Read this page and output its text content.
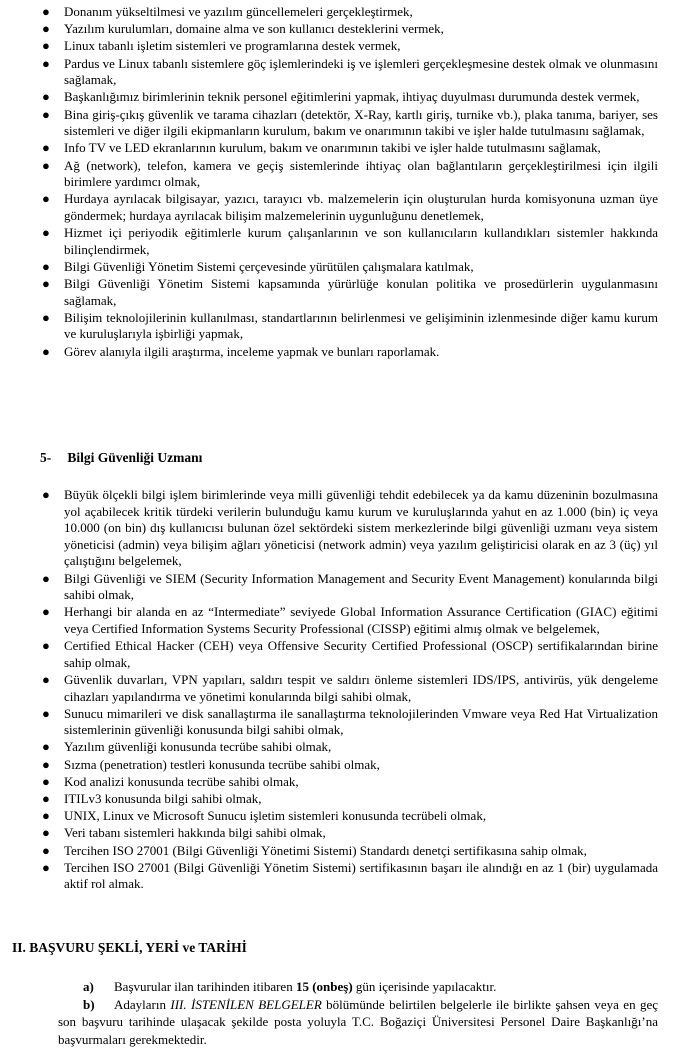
● Donanım yükseltilmesi ve yazılım güncellemeleri gerçekleştirmek,
● Yazılım kurulumları, domaine alma ve son kullanıcı desteklerini vermek,
● Linux tabanlı işletim sistemleri ve programlarına destek vermek,
● Pardus ve Linux tabanlı sistemlere göç işlemlerindeki iş ve işlemleri gerçekleşmesine destek olmak ve olunmasını sağlamak,
● Başkanlığımız birimlerinin teknik personel eğitimlerini yapmak, ihtiyaç duyulması durumunda destek vermek,
● Bina giriş-çıkış güvenlik ve tarama cihazları (detektör, X-Ray, kartlı giriş, turnike vb.), plaka tanıma, bariyer, ses sistemleri ve diğer ilgili ekipmanların kurulum, bakım ve onarımının takibi ve işler halde tutulmasını sağlamak,
● Info TV ve LED ekranlarının kurulum, bakım ve onarımının takibi ve işler halde tutulmasını sağlamak,
● Ağ (network), telefon, kamera ve geçiş sistemlerinde ihtiyaç olan bağlantıların gerçekleştirilmesi için ilgili birimlere yardımcı olmak,
● Hurdaya ayrılacak bilgisayar, yazıcı, tarayıcı vb. malzemelerin için oluşturulan hurda komisyonuna uzman üye göndermek; hurdaya ayrılacak bilişim malzemelerinin uygunluğunu denetlemek,
● Hizmet içi periyodik eğitimlerle kurum çalışanlarının ve son kullanıcıların kullandıkları sistemler hakkında bilinçlendirmek,
● Bilgi Güvenliği Yönetim Sistemi çerçevesinde yürütülen çalışmalara katılmak,
● Bilgi Güvenliği Yönetim Sistemi kapsamında yürürlüğe konulan politika ve prosedürlerin uygulanmasını sağlamak,
● Bilişim teknolojilerinin kullanılması, standartlarının belirlenmesi ve gelişiminin izlenmesinde diğer kamu kurum ve kuruluşlarıyla işbirliği yapmak,
● Görev alanıyla ilgili araştırma, inceleme yapmak ve bunları raporlamak.
5- Bilgi Güvenliği Uzmanı
● Büyük ölçekli bilgi işlem birimlerinde veya milli güvenliği tehdit edebilecek ya da kamu düzeninin bozulmasına yol açabilecek kritik türdeki verilerin bulunduğu kamu kurum ve kuruluşlarında yahut en az 1.000 (bin) iç veya 10.000 (on bin) dış kullanıcısı bulunan özel sektördeki sistem merkezlerinde bilgi güvenliği uzmanı veya sistem yöneticisi (admin) veya bilişim ağları yöneticisi (network admin) veya yazılım geliştiricisi olarak en az 3 (üç) yıl çalıştığını belgelemek,
● Bilgi Güvenliği ve SIEM (Security Information Management and Security Event Management) konularında bilgi sahibi olmak,
● Herhangi bir alanda en az “Intermediate” seviyede Global Information Assurance Certification (GIAC) eğitimi veya Certified Information Systems Security Professional (CISSP) eğitimi almış olmak ve belgelemek,
● Certified Ethical Hacker (CEH) veya Offensive Security Certified Professional (OSCP) sertifikalarından birine sahip olmak,
● Güvenlik duvarları, VPN yapıları, saldırı tespit ve saldırı önleme sistemleri IDS/IPS, antivirüs, yük dengeleme cihazları yapılandırma ve yönetimi konularında bilgi sahibi olmak,
● Sunucu mimarileri ve disk sanallaştırma ile sanallaştırma teknolojilerinden Vmware veya Red Hat Virtualization sistemlerinin güvenliği konusunda bilgi sahibi olmak,
● Yazılım güvenliği konusunda tecrübe sahibi olmak,
● Sızma (penetration) testleri konusunda tecrübe sahibi olmak,
● Kod analizi konusunda tecrübe sahibi olmak,
● ITILv3 konusunda bilgi sahibi olmak,
● UNIX, Linux ve Microsoft Sunucu işletim sistemleri konusunda tecrübeli olmak,
● Veri tabanı sistemleri hakkında bilgi sahibi olmak,
● Tercihen ISO 27001 (Bilgi Güvenliği Yönetimi Sistemi) Standardı denetçi sertifikasına sahip olmak,
● Tercihen ISO 27001 (Bilgi Güvenliği Yönetim Sistemi) sertifikasının başarı ile alındığı en az 1 (bir) uygulamada aktif rol almak.
II. BAŞVURU ŞEKLİ, YERİ ve TARİHİ
a)	Başvurular ilan tarihinden itibaren 15 (onbeş) gün içerisinde yapılacaktır.
b)	Adayların III. İSTENİLEN BELGELER bölümünde belirtilen belgelerle ile birlikte şahsen veya en geç son başvuru tarihinde ulaşacak şekilde posta yoluyla T.C. Boğaziçi Üniversitesi Personel Daire Başkanlığı’na başvurmaları gerekmektedir.
